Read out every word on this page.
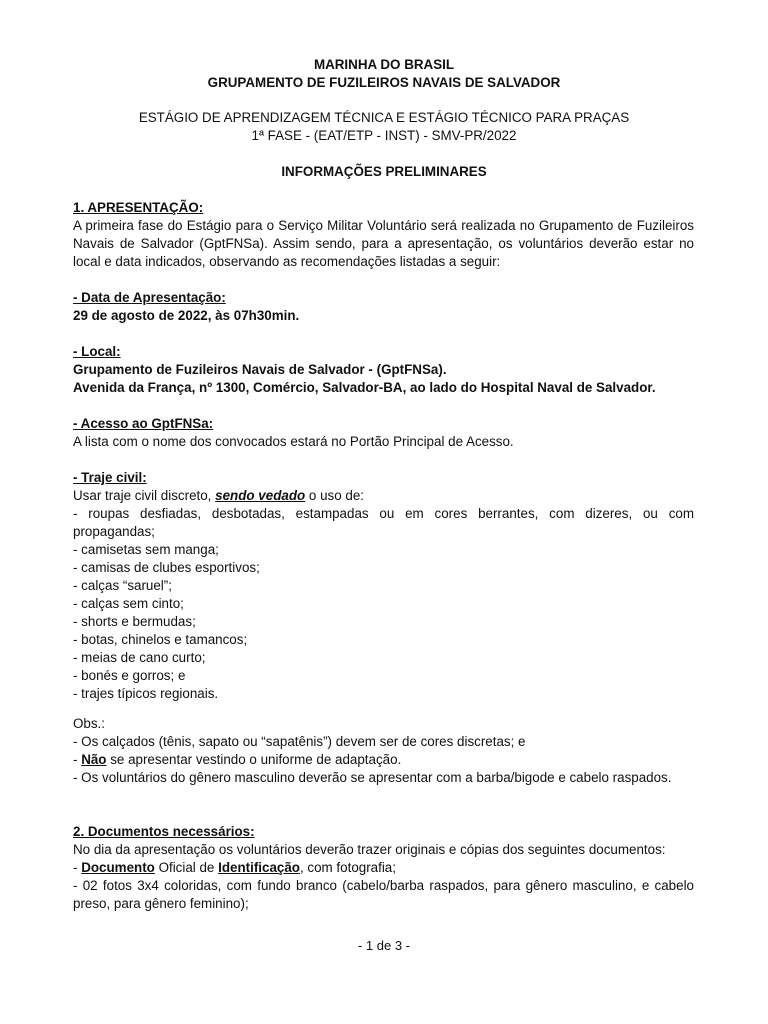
MARINHA DO BRASIL
GRUPAMENTO DE FUZILEIROS NAVAIS DE SALVADOR
ESTÁGIO DE APRENDIZAGEM TÉCNICA E ESTÁGIO TÉCNICO PARA PRAÇAS
1ª FASE - (EAT/ETP - INST) - SMV-PR/2022
INFORMAÇÕES PRELIMINARES
1. APRESENTAÇÃO:
A primeira fase do Estágio para o Serviço Militar Voluntário será realizada no Grupamento de Fuzileiros Navais de Salvador (GptFNSa). Assim sendo, para a apresentação, os voluntários deverão estar no local e data indicados, observando as recomendações listadas a seguir:
- Data de Apresentação:
29 de agosto de 2022, às 07h30min.
- Local:
Grupamento de Fuzileiros Navais de Salvador - (GptFNSa).
Avenida da França, nº 1300, Comércio, Salvador-BA, ao lado do Hospital Naval de Salvador.
- Acesso ao GptFNSa:
A lista com o nome dos convocados estará no Portão Principal de Acesso.
- Traje civil:
Usar traje civil discreto, sendo vedado o uso de:
- roupas desfiadas, desbotadas, estampadas ou em cores berrantes, com dizeres, ou com propagandas;
- camisetas sem manga;
- camisas de clubes esportivos;
- calças “saruel”;
- calças sem cinto;
- shorts e bermudas;
- botas, chinelos e tamancos;
- meias de cano curto;
- bonés e gorros; e
- trajes típicos regionais.
Obs.:
- Os calçados (tênis, sapato ou “sapatênis”) devem ser de cores discretas; e
- Não se apresentar vestindo o uniforme de adaptação.
- Os voluntários do gênero masculino deverão se apresentar com a barba/bigode e cabelo raspados.
2. Documentos necessários:
No dia da apresentação os voluntários deverão trazer originais e cópias dos seguintes documentos:
- Documento Oficial de Identificação, com fotografia;
- 02 fotos 3x4 coloridas, com fundo branco (cabelo/barba raspados, para gênero masculino, e cabelo preso, para gênero feminino);
- 1 de 3 -
